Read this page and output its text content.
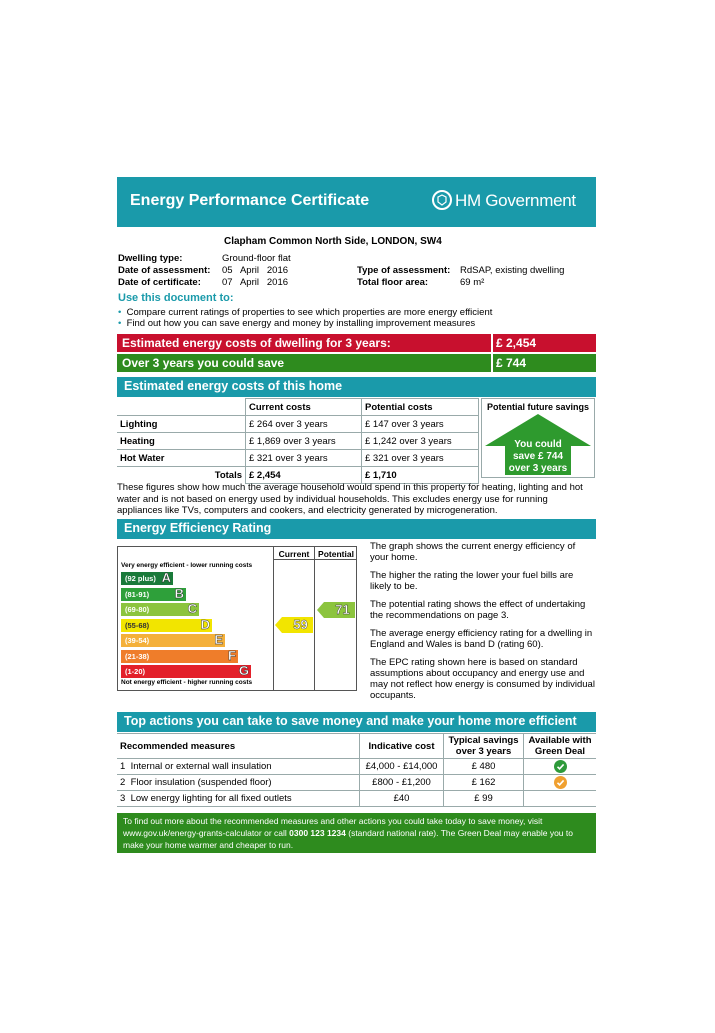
Energy Performance Certificate	HM Government
Clapham Common North Side, LONDON, SW4
Dwelling type:	Ground-floor flat
Date of assessment: 05   April   2016
Date of certificate: 07   April   2016
Type of assessment: RdSAP, existing dwelling
Total floor area:	69 m²
Use this document to:
• Compare current ratings of properties to see which properties are more energy efficient
• Find out how you can save energy and money by installing improvement measures
Estimated energy costs of dwelling for 3 years:	£ 2,454
Over 3 years you could save	£ 744
Estimated energy costs of this home
	Current costs	Potential costs
Lighting	£ 264 over 3 years	£ 147 over 3 years
Heating	£ 1,869 over 3 years	£ 1,242 over 3 years
Hot Water	£ 321 over 3 years	£ 321 over 3 years
Totals	£ 2,454	£ 1,710
Potential future savings
You could
save £ 744
over 3 years
These figures show how much the average household would spend in this property for heating, lighting and hot water and is not based on energy used by individual households. This excludes energy use for running appliances like TVs, computers and cookers, and electricity generated by microgeneration.
Energy Efficiency Rating
Current	Potential
Very energy efficient - lower running costs
Not energy efficient - higher running costs
(92 plus) A
(81-91) B
(69-80)	C
(55-68)	D
(39-54)	E
(21-38)	F
(1-20)	G
59
71

The graph shows the current energy efficiency of your home.

The higher the rating the lower your fuel bills are likely to be.

The potential rating shows the effect of undertaking the recommendations on page 3.

The average energy efficiency rating for a dwelling in England and Wales is band D (rating 60).

The EPC rating shown here is based on standard assumptions about occupancy and energy use and may not reflect how energy is consumed by individual occupants.

Top actions you can take to save money and make your home more efficient
Recommended measures	Indicative cost	Typical savings over 3 years	Available with Green Deal
1 Internal or external wall insulation	£4,000 - £14,000	£ 480	
2 Floor insulation (suspended floor)	£800 - £1,200	£ 162	
3 Low energy lighting for all fixed outlets	£40	£ 99	
To find out more about the recommended measures and other actions you could take today to save money, visit
www.gov.uk/energy-grants-calculator or call 0300 123 1234 (standard national rate). The Green Deal may enable you to
make your home warmer and cheaper to run.
